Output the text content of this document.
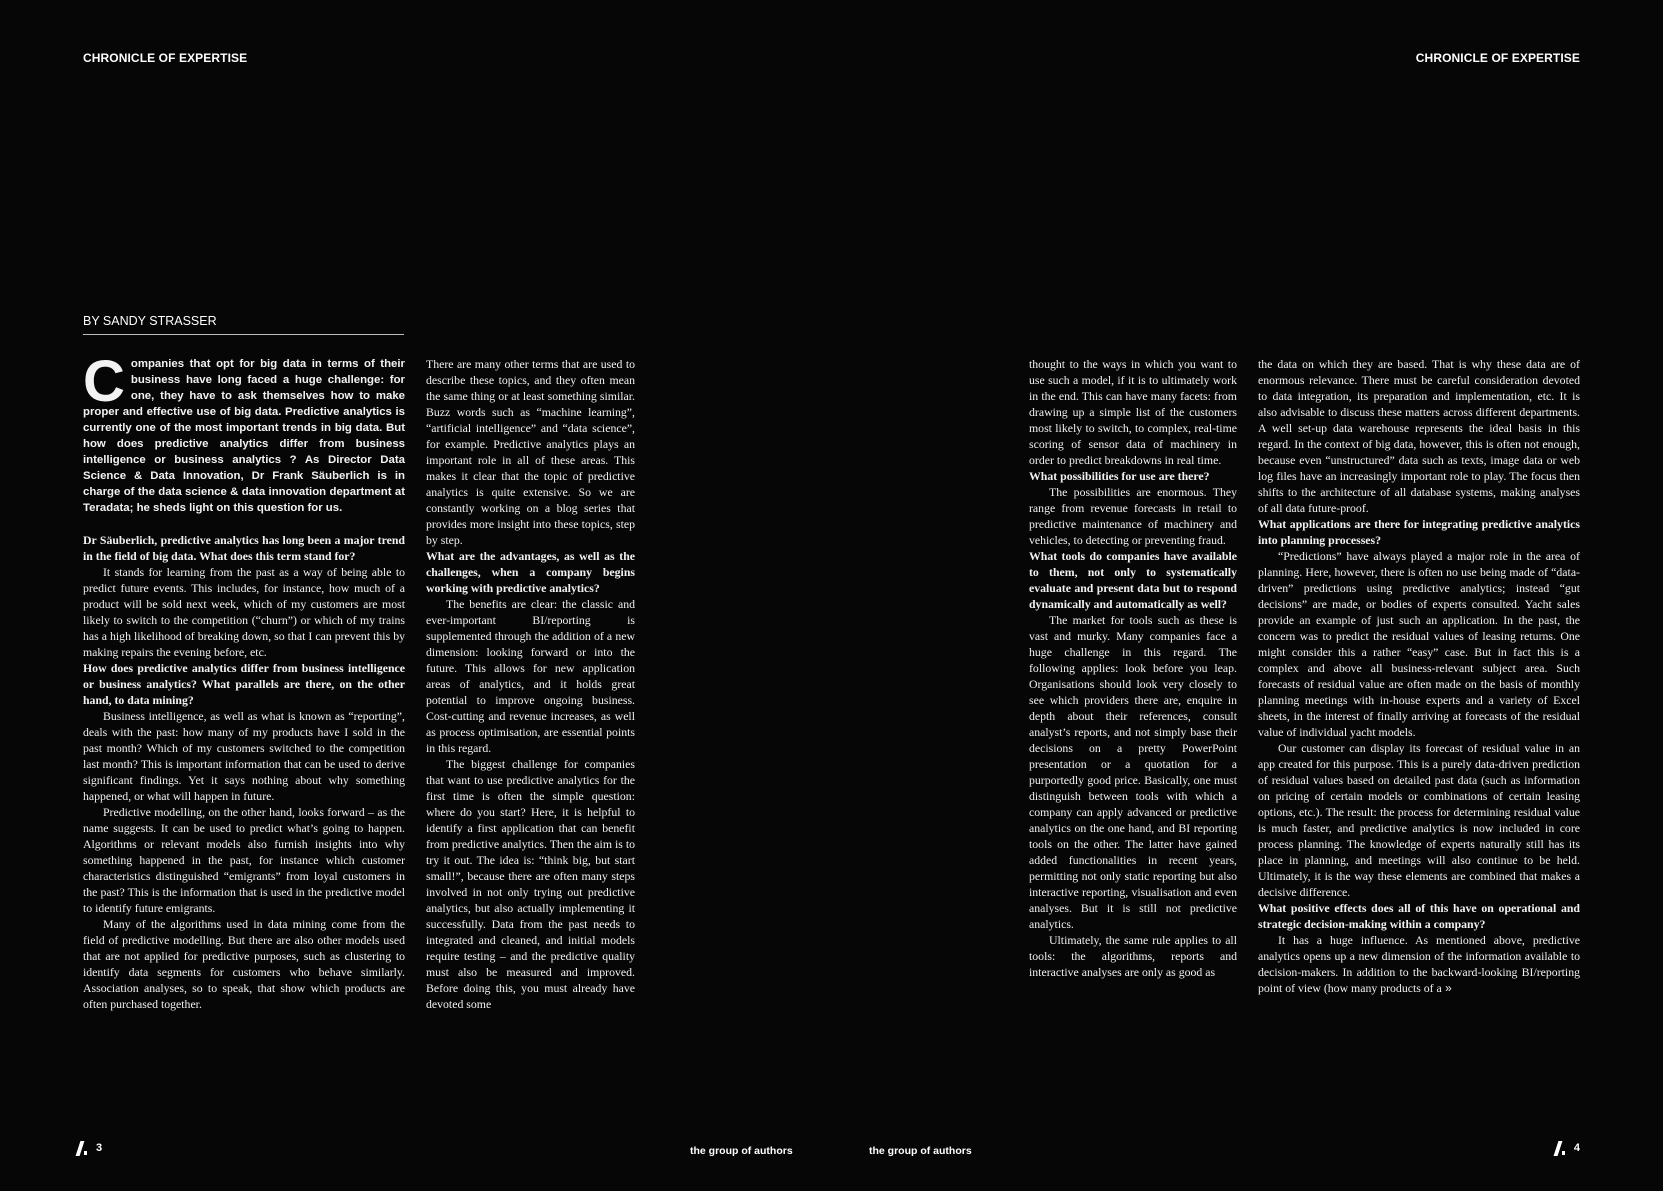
CHRONICLE OF EXPERTISE	CHRONICLE OF EXPERTISE
BY SANDY STRASSER
Companies that opt for big data in terms of their business have long faced a huge challenge: for one, they have to ask themselves how to make proper and effective use of big data. Predictive analytics is currently one of the most important trends in big data. But how does predictive analytics differ from business intelligence or business analytics ? As Director Data Science & Data Innovation, Dr Frank Säuberlich is in charge of the data science & data innovation department at Teradata; he sheds light on this question for us.

Dr Säuberlich, predictive analytics has long been a major trend in the field of big data. What does this term stand for?

It stands for learning from the past as a way of being able to predict future events. This includes, for instance, how much of a product will be sold next week, which of my customers are most likely to switch to the competition (“churn”) or which of my trains has a high likelihood of breaking down, so that I can prevent this by making repairs the evening before, etc.

How does predictive analytics differ from business intelligence or business analytics? What parallels are there, on the other hand, to data mining?

Business intelligence, as well as what is known as “reporting”, deals with the past: how many of my products have I sold in the past month? Which of my customers switched to the competition last month? This is important information that can be used to derive significant findings. Yet it says nothing about why something happened, or what will happen in future.

Predictive modelling, on the other hand, looks forward – as the name suggests. It can be used to predict what’s going to happen. Algorithms or relevant models also furnish insights into why something happened in the past, for instance which customer characteristics distinguished “emigrants” from loyal customers in the past? This is the information that is used in the predictive model to identify future emigrants.

Many of the algorithms used in data mining come from the field of predictive modelling. But there are also other models used that are not applied for predictive purposes, such as clustering to identify data segments for customers who behave similarly. Association analyses, so to speak, that show which products are often purchased together.

There are many other terms that are used to describe these topics, and they often mean the same thing or at least something similar. Buzz words such as “machine learning”, “artificial intelligence” and “data science”, for example. Predictive analytics plays an important role in all of these areas. This makes it clear that the topic of predictive analytics is quite extensive. So we are constantly working on a blog series that provides more insight into these topics, step by step.

What are the advantages, as well as the challenges, when a company begins working with predictive analytics?

The benefits are clear: the classic and ever-important BI/reporting is supplemented through the addition of a new dimension: looking forward or into the future. This allows for new application areas of analytics, and it holds great potential to improve ongoing business. Cost-cutting and revenue increases, as well as process optimisation, are essential points in this regard.

The biggest challenge for companies that want to use predictive analytics for the first time is often the simple question: where do you start? Here, it is helpful to identify a first application that can benefit from predictive analytics. Then the aim is to try it out. The idea is: “think big, but start small!”, because there are often many steps involved in not only trying out predictive analytics, but also actually implementing it successfully. Data from the past needs to integrated and cleaned, and initial models require testing – and the predictive quality must also be measured and improved. Before doing this, you must already have devoted some

thought to the ways in which you want to use such a model, if it is to ultimately work in the end. This can have many facets: from drawing up a simple list of the customers most likely to switch, to complex, real-time scoring of sensor data of machinery in order to predict breakdowns in real time.

What possibilities for use are there?

The possibilities are enormous. They range from revenue forecasts in retail to predictive maintenance of machinery and vehicles, to detecting or preventing fraud.

What tools do companies have available to them, not only to systematically evaluate and present data but to respond dynamically and automatically as well?

The market for tools such as these is vast and murky. Many companies face a huge challenge in this regard. The following applies: look before you leap. Organisations should look very closely to see which providers there are, enquire in depth about their references, consult analyst’s reports, and not simply base their decisions on a pretty PowerPoint presentation or a quotation for a purportedly good price. Basically, one must distinguish between tools with which a company can apply advanced or predictive analytics on the one hand, and BI reporting tools on the other. The latter have gained added functionalities in recent years, permitting not only static reporting but also interactive reporting, visualisation and even analyses. But it is still not predictive analytics.

Ultimately, the same rule applies to all tools: the algorithms, reports and interactive analyses are only as good as

the data on which they are based. That is why these data are of enormous relevance. There must be careful consideration devoted to data integration, its preparation and implementation, etc. It is also advisable to discuss these matters across different departments. A well set-up data warehouse represents the ideal basis in this regard. In the context of big data, however, this is often not enough, because even “unstructured” data such as texts, image data or web log files have an increasingly important role to play. The focus then shifts to the architecture of all database systems, making analyses of all data future-proof.

What applications are there for integrating predictive analytics into planning processes?

“Predictions” have always played a major role in the area of planning. Here, however, there is often no use being made of “data-driven” predictions using predictive analytics; instead “gut decisions” are made, or bodies of experts consulted. Yacht sales provide an example of just such an application. In the past, the concern was to predict the residual values of leasing returns. One might consider this a rather “easy” case. But in fact this is a complex and above all business-relevant subject area. Such forecasts of residual value are often made on the basis of monthly planning meetings with in-house experts and a variety of Excel sheets, in the interest of finally arriving at forecasts of the residual value of individual yacht models.

Our customer can display its forecast of residual value in an app created for this purpose. This is a purely data-driven prediction of residual values based on detailed past data (such as information on pricing of certain models or combinations of certain leasing options, etc.). The result: the process for determining residual value is much faster, and predictive analytics is now included in core process planning. The knowledge of experts naturally still has its place in planning, and meetings will also continue to be held. Ultimately, it is the way these elements are combined that makes a decisive difference.

What positive effects does all of this have on operational and strategic decision-making within a company?

It has a huge influence. As mentioned above, predictive analytics opens up a new dimension of the information available to decision-makers. In addition to the backward-looking BI/reporting point of view (how many products of a »

3	the group of authors	the group of authors	4
